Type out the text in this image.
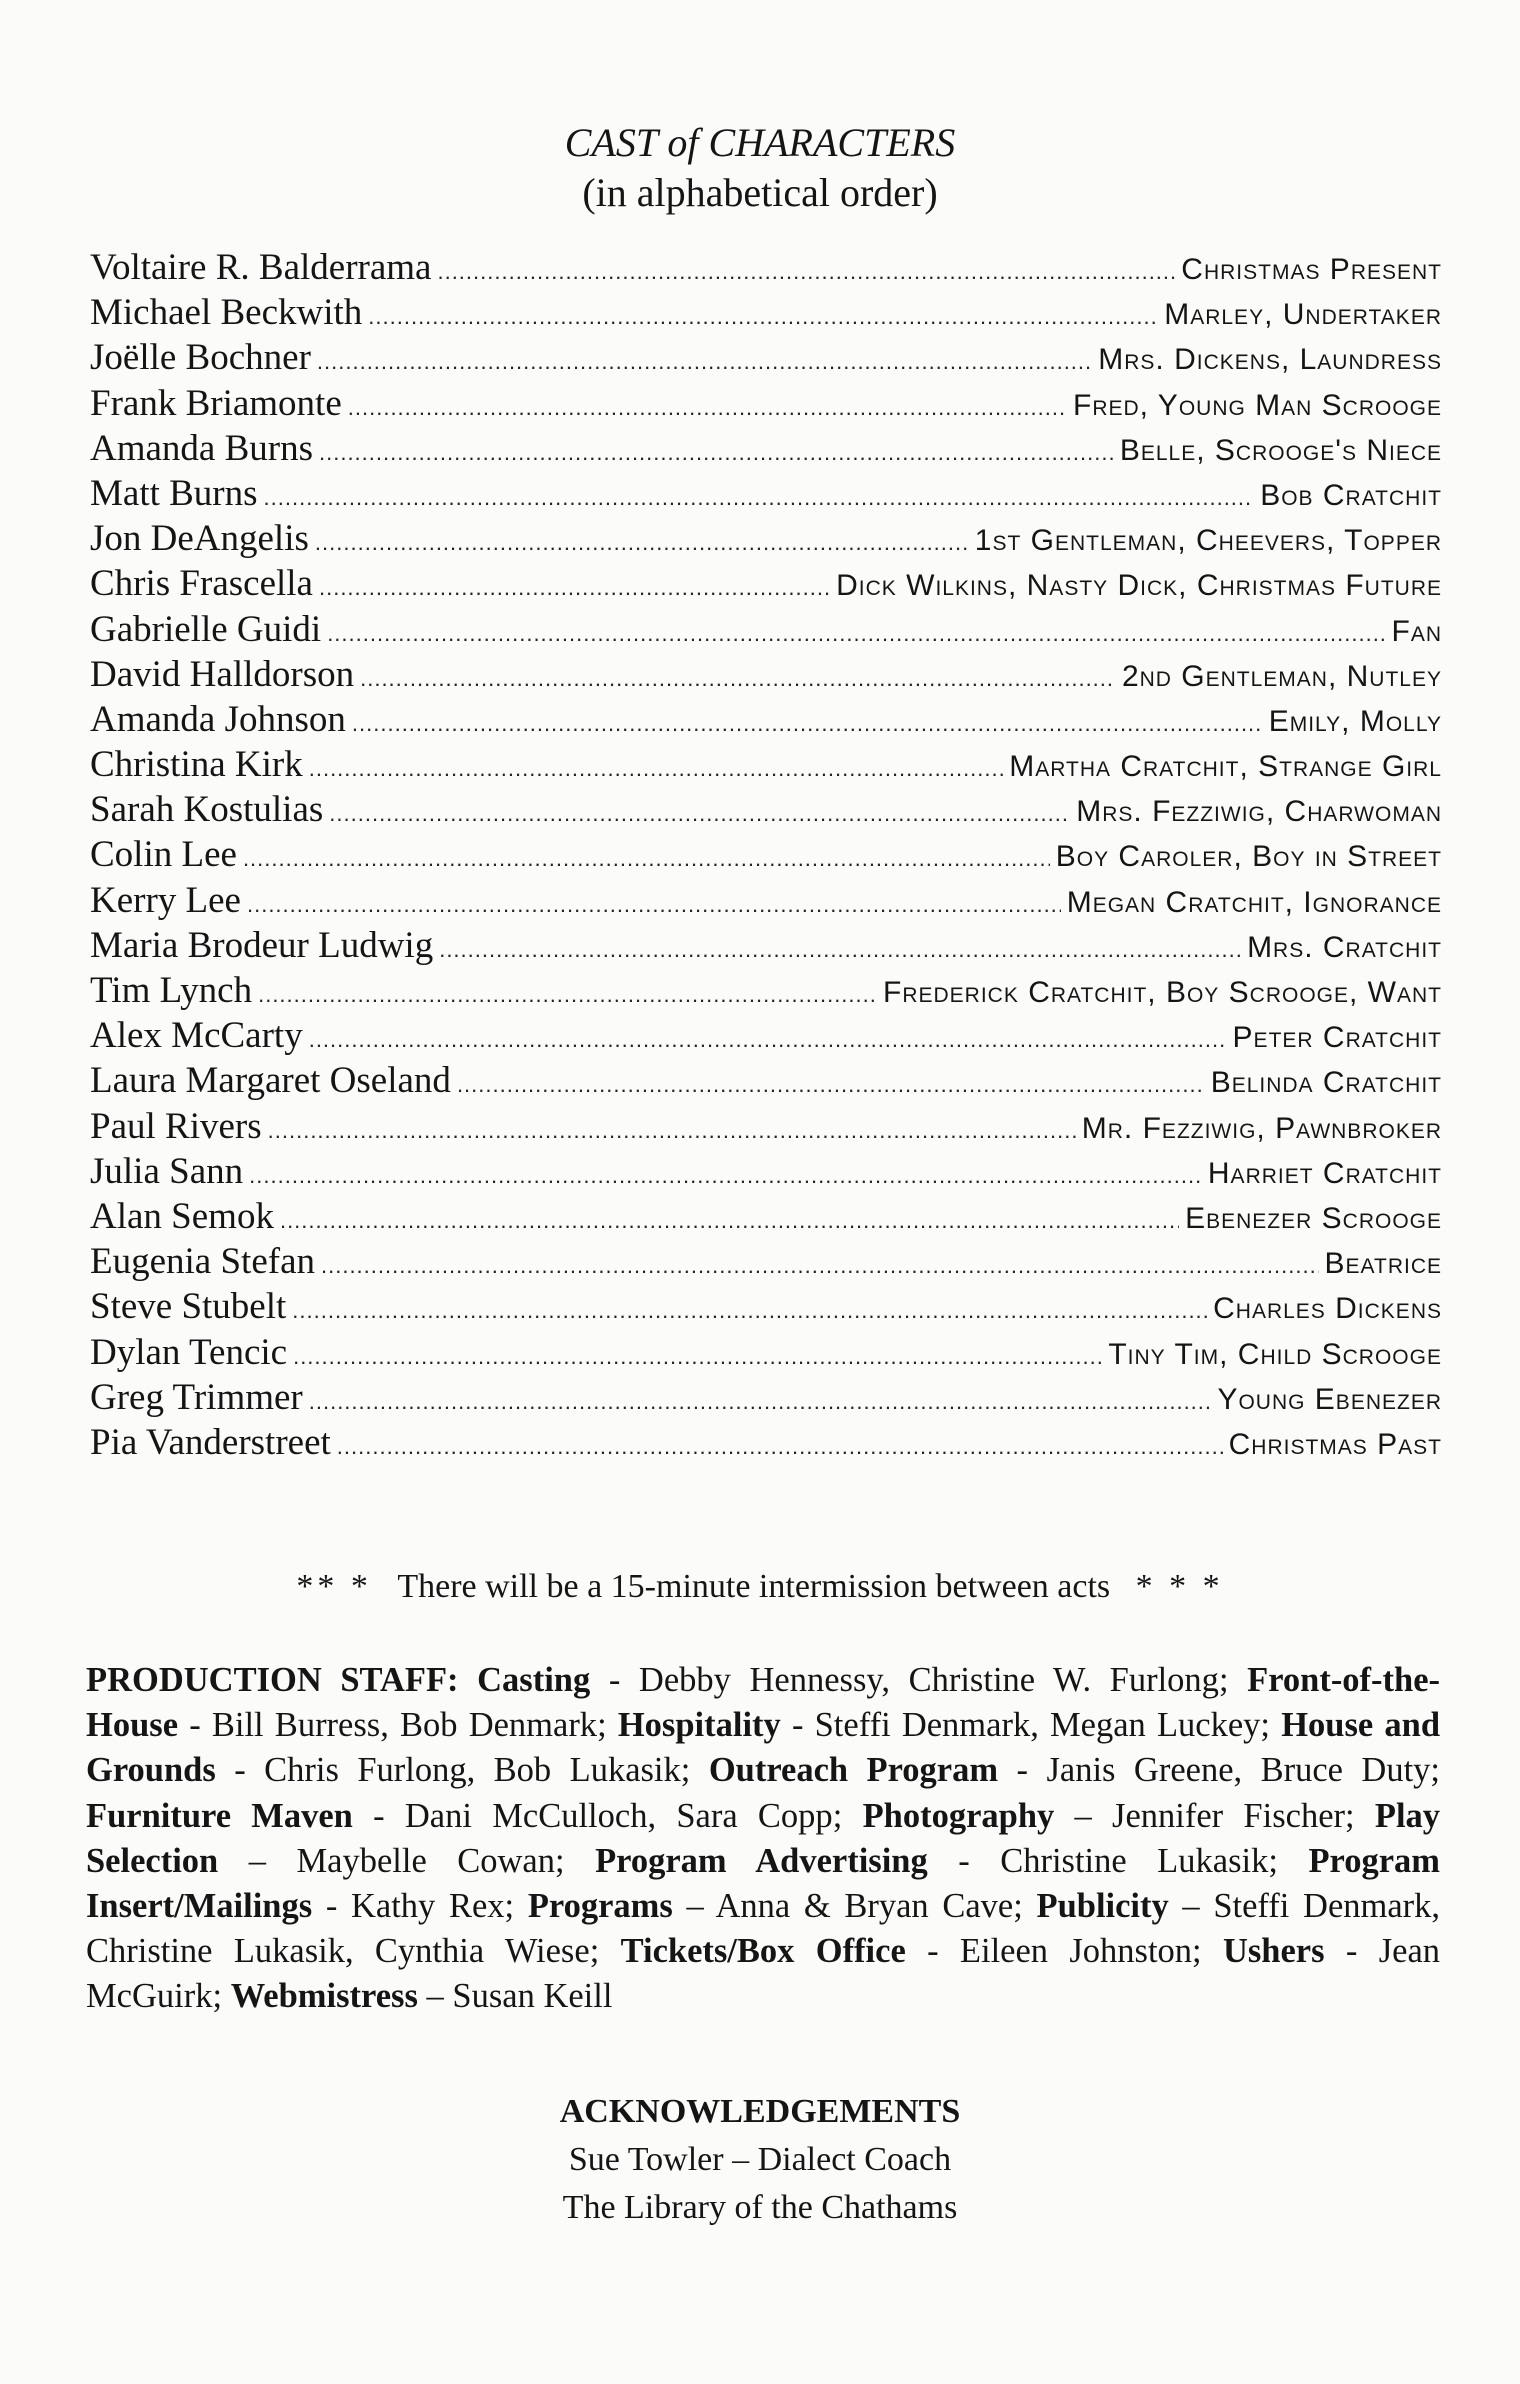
CAST of CHARACTERS
(in alphabetical order)
Voltaire R. Balderrama .....	Christmas Present
Michael Beckwith .....	Marley, Undertaker
Joëlle Bochner .....	Mrs. Dickens, Laundress
Frank Briamonte .....	Fred, Young Man Scrooge
Amanda Burns .....	Belle, Scrooge's Niece
Matt Burns .....	Bob Cratchit
Jon DeAngelis .....	1st Gentleman, Cheevers, Topper
Chris Frascella .....	Dick Wilkins, Nasty Dick, Christmas Future
Gabrielle Guidi .....	Fan
David Halldorson .....	2nd Gentleman, Nutley
Amanda Johnson .....	Emily, Molly
Christina Kirk .....	Martha Cratchit, Strange Girl
Sarah Kostulias .....	Mrs. Fezziwig, Charwoman
Colin Lee .....	Boy Caroler, Boy in Street
Kerry Lee .....	Megan Cratchit, Ignorance
Maria Brodeur Ludwig .....	Mrs. Cratchit
Tim Lynch .....	Frederick Cratchit, Boy Scrooge, Want
Alex McCarty .....	Peter Cratchit
Laura Margaret Oseland .....	Belinda Cratchit
Paul Rivers .....	Mr. Fezziwig, Pawnbroker
Julia Sann .....	Harriet Cratchit
Alan Semok .....	Ebenezer Scrooge
Eugenia Stefan .....	Beatrice
Steve Stubelt .....	Charles Dickens
Dylan Tencic .....	Tiny Tim, Child Scrooge
Greg Trimmer .....	Young Ebenezer
Pia Vanderstreet .....	Christmas Past
** * There will be a 15-minute intermission between acts * * *

PRODUCTION STAFF: Casting - Debby Hennessy, Christine W. Furlong; Front-of-the-House - Bill Burress, Bob Denmark; Hospitality - Steffi Denmark, Megan Luckey; House and Grounds - Chris Furlong, Bob Lukasik; Outreach Program - Janis Greene, Bruce Duty; Furniture Maven - Dani McCulloch, Sara Copp; Photography – Jennifer Fischer; Play Selection – Maybelle Cowan; Program Advertising - Christine Lukasik; Program Insert/Mailings - Kathy Rex; Programs – Anna & Bryan Cave; Publicity – Steffi Denmark, Christine Lukasik, Cynthia Wiese; Tickets/Box Office - Eileen Johnston; Ushers - Jean McGuirk; Webmistress – Susan Keill

ACKNOWLEDGEMENTS
Sue Towler – Dialect Coach
The Library of the Chathams
